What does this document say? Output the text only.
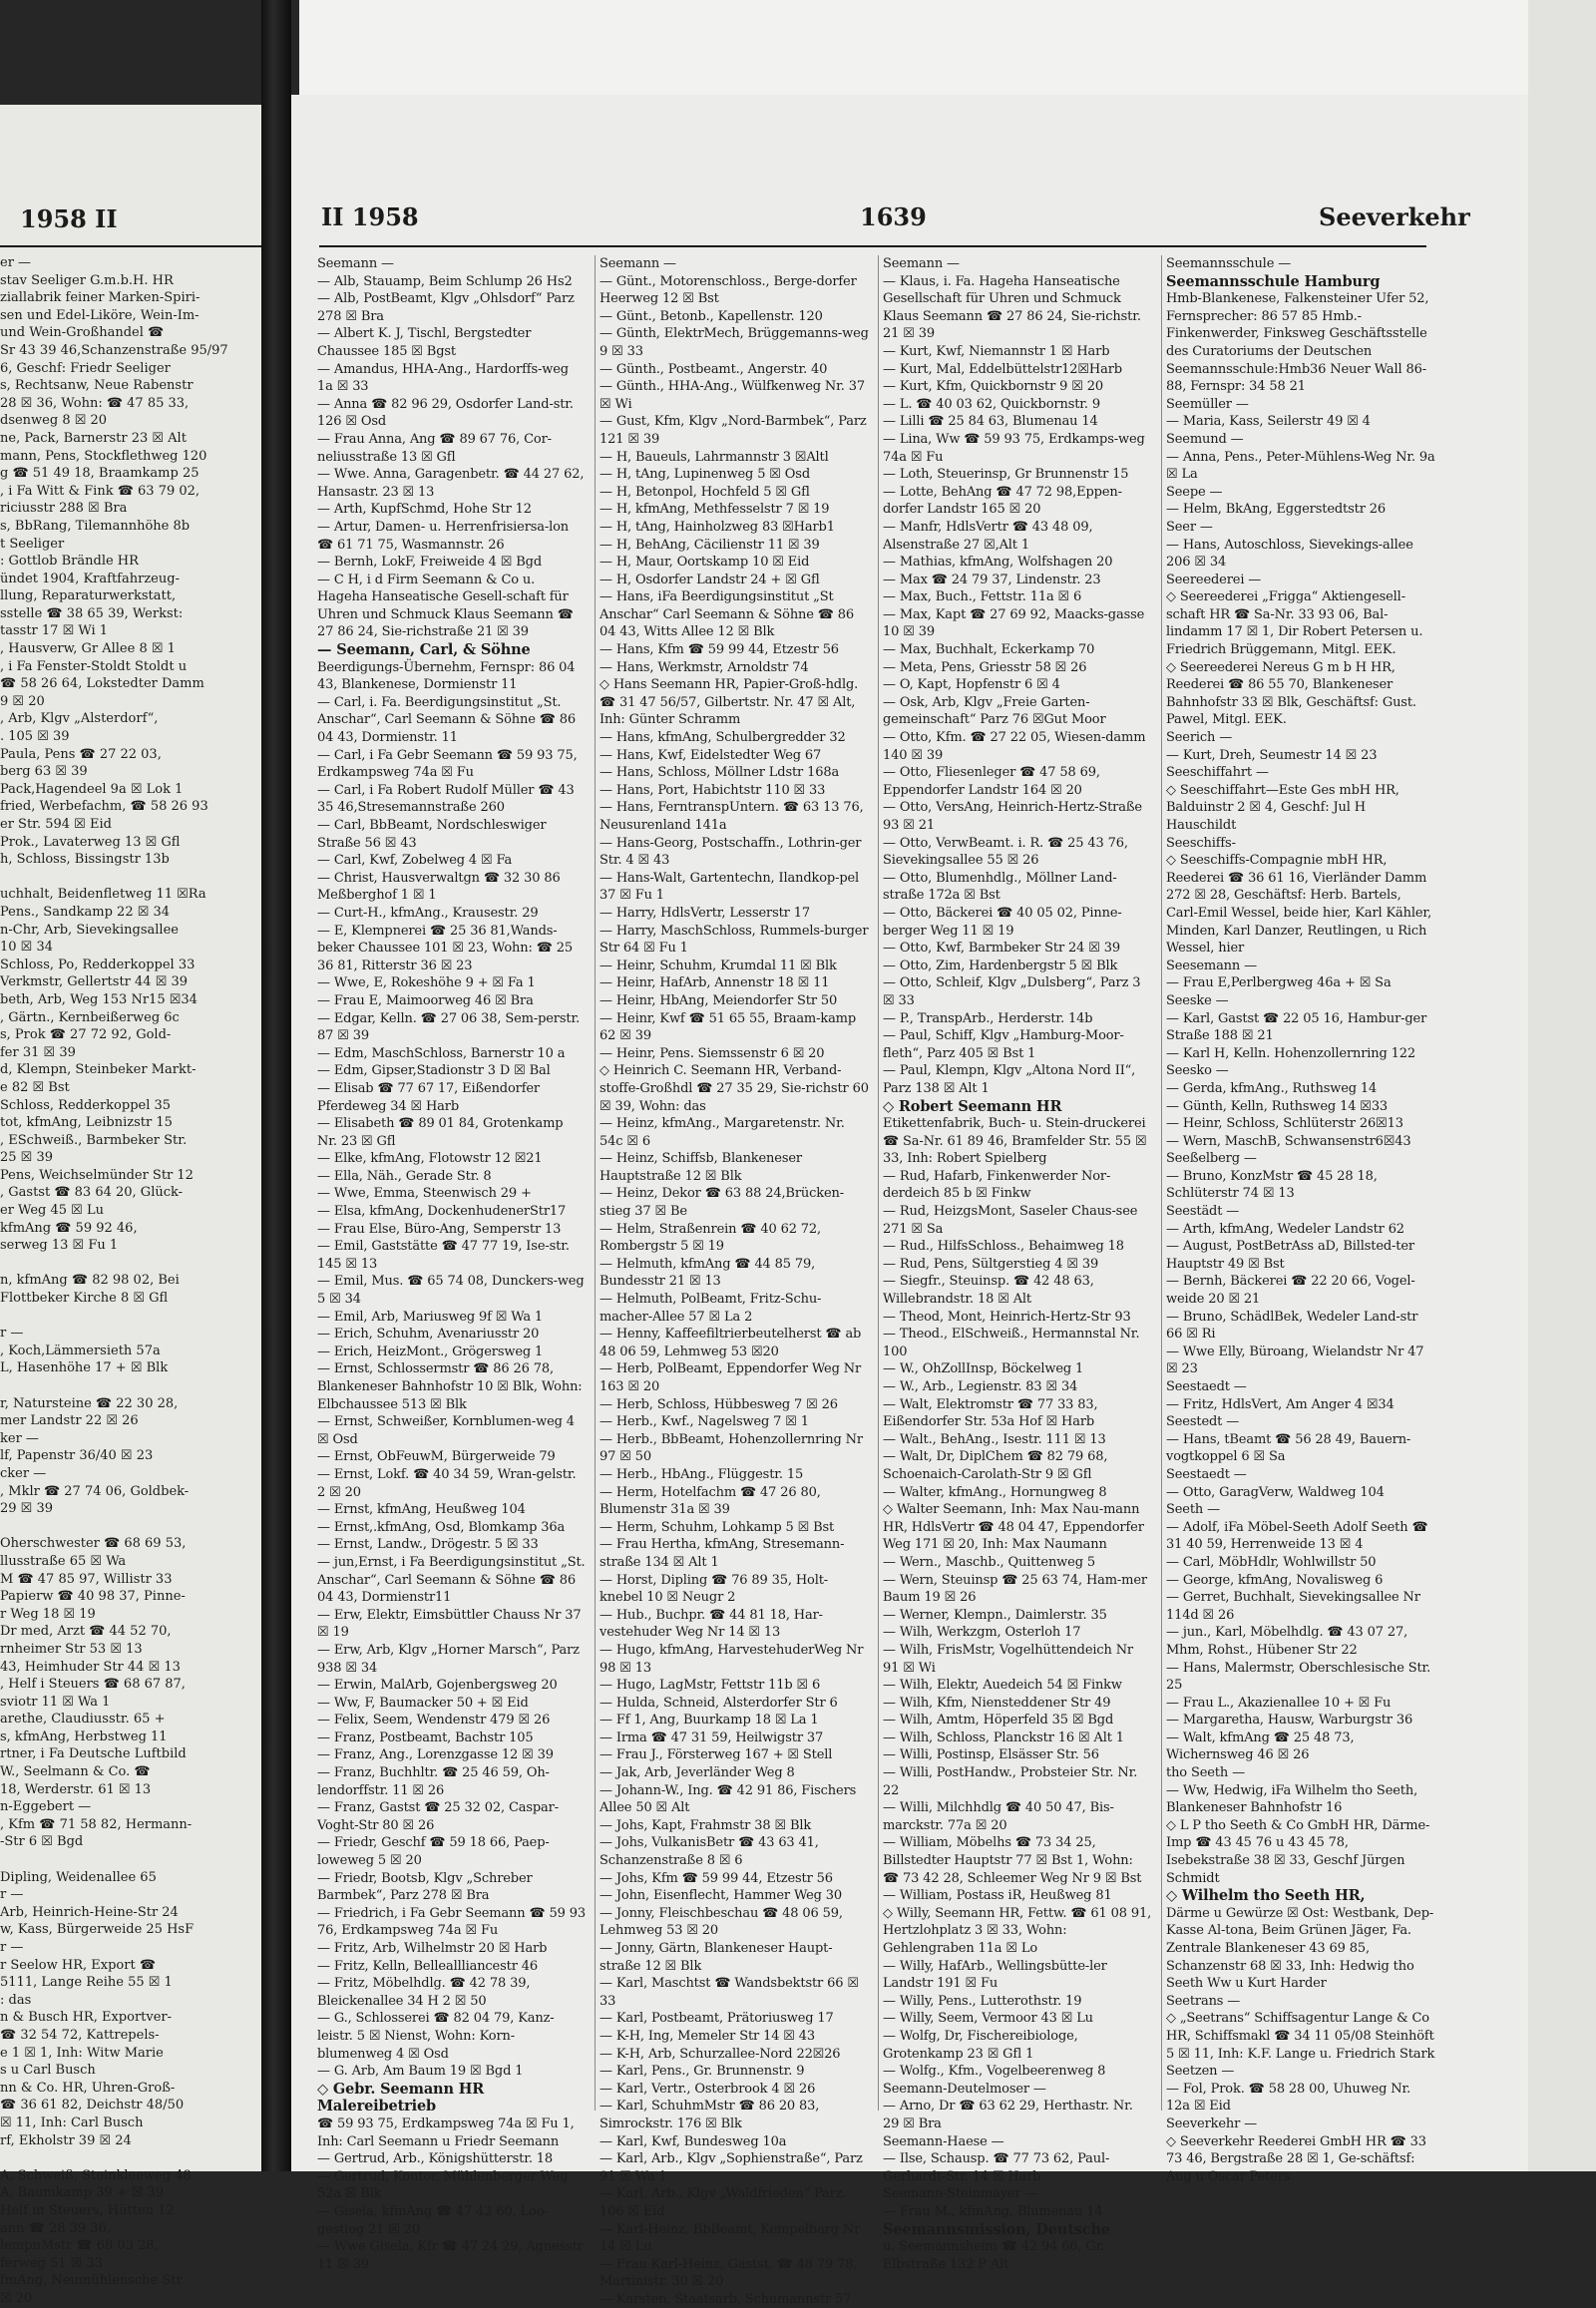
1958 II

er —

stav Seeliger G.m.b.H. HR

ziallabrik feiner Marken-Spiri-

sen und Edel-Liköre, Wein-Im-

und Wein-Großhandel ☎

Sr 43 39 46,Schanzenstraße 95/97

6, Geschf: Friedr Seeliger

s, Rechtsanw, Neue Rabenstr

28 ☒ 36, Wohn: ☎ 47 85 33,

dsenweg 8 ☒ 20

ne, Pack, Barnerstr 23 ☒ Alt

mann, Pens, Stockflethweg 120

g ☎ 51 49 18, Braamkamp 25

, i Fa Witt & Fink ☎ 63 79 02,

riciusstr 288 ☒ Bra

s, BbRang, Tilemannhöhe 8b

t Seeliger

: Gottlob Brändle HR

ündet 1904, Kraftfahrzeug-

llung, Reparaturwerkstatt,

sstelle ☎ 38 65 39, Werkst:

tasstr 17 ☒ Wi 1

, Hausverw, Gr Allee 8 ☒ 1

, i Fa Fenster-Stoldt Stoldt u

☎ 58 26 64, Lokstedter Damm

9 ☒ 20

, Arb, Klgv „Alsterdorf“,

. 105 ☒ 39

Paula, Pens ☎ 27 22 03,

berg 63 ☒ 39

Pack,Hagendeel 9a ☒ Lok 1

fried, Werbefachm, ☎ 58 26 93

er Str. 594 ☒ Eid

Prok., Lavaterweg 13 ☒ Gfl

h, Schloss, Bissingstr 13b

uchhalt, Beidenfletweg 11 ☒Ra

Pens., Sandkamp 22 ☒ 34

n-Chr, Arb, Sievekingsallee

10 ☒ 34

Schloss, Po, Redderkoppel 33

Verkmstr, Gellertstr 44 ☒ 39

beth, Arb, Weg 153 Nr15 ☒34

, Gärtn., Kernbeißerweg 6c

s, Prok ☎ 27 72 92, Gold-

fer 31 ☒ 39

d, Klempn, Steinbeker Markt-

e 82 ☒ Bst

Schloss, Redderkoppel 35

tot, kfmAng, Leibnizstr 15

, ESchweiß., Barmbeker Str.

25 ☒ 39

Pens, Weichselmünder Str 12

, Gastst ☎ 83 64 20, Glück-

er Weg 45 ☒ Lu

kfmAng ☎ 59 92 46,

serweg 13 ☒ Fu 1

n, kfmAng ☎ 82 98 02, Bei

Flottbeker Kirche 8 ☒ Gfl

r —

, Koch,Lämmersieth 57a

L, Hasenhöhe 17 + ☒ Blk

r, Natursteine ☎ 22 30 28,

mer Landstr 22 ☒ 26

ker —

lf, Papenstr 36/40 ☒ 23

cker —

, Mklr ☎ 27 74 06, Goldbek-

29 ☒ 39

Oherschwester ☎ 68 69 53,

llusstraße 65 ☒ Wa

M ☎ 47 85 97, Willistr 33

Papierw ☎ 40 98 37, Pinne-

r Weg 18 ☒ 19

Dr med, Arzt ☎ 44 52 70,

rnheimer Str 53 ☒ 13

43, Heimhuder Str 44 ☒ 13

, Helf i Steuers ☎ 68 67 87,

sviotr 11 ☒ Wa 1

arethe, Claudiusstr. 65 +

s, kfmAng, Herbstweg 11

rtner, i Fa Deutsche Luftbild

W., Seelmann & Co. ☎

18, Werderstr. 61 ☒ 13

n-Eggebert —

, Kfm ☎ 71 58 82, Hermann-

-Str 6 ☒ Bgd

Dipling, Weidenallee 65

r —

Arb, Heinrich-Heine-Str 24

w, Kass, Bürgerweide 25 HsF

r —

r Seelow HR, Export ☎

5111, Lange Reihe 55 ☒ 1

: das

n & Busch HR, Exportver-

☎ 32 54 72, Kattrepels-

e 1 ☒ 1, Inh: Witw Marie

s u Carl Busch

nn & Co. HR, Uhren-Groß-

☎ 36 61 82, Deichstr 48/50

☒ 11, Inh: Carl Busch

rf, Ekholstr 39 ☒ 24

A, Schweiß, Steinkleeweg 48

A, Baumkamp 39 + ☒ 39

Helf in Steuers, Hütten 12

ann ☎ 28 39 36,

lempnMstr ☎ 68 03 28,

ferweg 51 ☒ 33

fmAng, Neumühlensche Str

☒ 20

II 1958	1639	Seeverkehr

Seemann —

— Alb, Stauamp, Beim Schlump 26 Hs2

— Alb, PostBeamt, Klgv „Ohlsdorf“ Parz 278 ☒ Bra

— Albert K. J, Tischl, Bergstedter Chaussee 185 ☒ Bgst

— Amandus, HHA-Ang., Hardorffs-weg 1a ☒ 33

— Anna ☎ 82 96 29, Osdorfer Land-str. 126 ☒ Osd

— Frau Anna, Ang ☎ 89 67 76, Cor-neliusstraße 13 ☒ Gfl

— Wwe. Anna, Garagenbetr. ☎ 44 27 62, Hansastr. 23 ☒ 13

— Arth, KupfSchmd, Hohe Str 12

— Artur, Damen- u. Herrenfrisiersa-lon ☎ 61 71 75, Wasmannstr. 26

— Bernh, LokF, Freiweide 4 ☒ Bgd

— C H, i d Firm Seemann & Co u. Hageha Hanseatische Gesell-schaft für Uhren und Schmuck Klaus Seemann ☎ 27 86 24, Sie-richstraße 21 ☒ 39

— Seemann, Carl, & Söhne

Beerdigungs-Übernehm, Fernspr: 86 04 43, Blankenese, Dormienstr 11

— Carl, i. Fa. Beerdigungsinstitut „St. Anschar“, Carl Seemann & Söhne ☎ 86 04 43, Dormienstr. 11

— Carl, i Fa Gebr Seemann ☎ 59 93 75, Erdkampsweg 74a ☒ Fu

— Carl, i Fa Robert Rudolf Müller ☎ 43 35 46,Stresemannstraße 260

— Carl, BbBeamt, Nordschleswiger Straße 56 ☒ 43

— Carl, Kwf, Zobelweg 4 ☒ Fa

— Christ, Hausverwaltgn ☎ 32 30 86 Meßberghof 1 ☒ 1

— Curt-H., kfmAng., Krausestr. 29

— E, Klempnerei ☎ 25 36 81,Wands-beker Chaussee 101 ☒ 23, Wohn: ☎ 25 36 81, Ritterstr 36 ☒ 23

— Wwe, E, Rokeshöhe 9 + ☒ Fa 1

— Frau E, Maimoorweg 46 ☒ Bra

— Edgar, Kelln. ☎ 27 06 38, Sem-perstr. 87 ☒ 39

— Edm, MaschSchloss, Barnerstr 10 a

— Edm, Gipser,Stadionstr 3 D ☒ Bal

— Elisab ☎ 77 67 17, Eißendorfer Pferdeweg 34 ☒ Harb

— Elisabeth ☎ 89 01 84, Grotenkamp Nr. 23 ☒ Gfl

— Elke, kfmAng, Flotowstr 12 ☒21

— Ella, Näh., Gerade Str. 8

— Wwe, Emma, Steenwisch 29 +

— Elsa, kfmAng, DockenhudenerStr17

— Frau Else, Büro-Ang, Semperstr 13

— Emil, Gaststätte ☎ 47 77 19, Ise-str. 145 ☒ 13

— Emil, Mus. ☎ 65 74 08, Dunckers-weg 5 ☒ 34

— Emil, Arb, Mariusweg 9f ☒ Wa 1

— Erich, Schuhm, Avenariusstr 20

— Erich, HeizMont., Grögersweg 1

— Ernst, Schlossermstr ☎ 86 26 78, Blankeneser Bahnhofstr 10 ☒ Blk, Wohn: Elbchaussee 513 ☒ Blk

— Ernst, Schweißer, Kornblumen-weg 4 ☒ Osd

— Ernst, ObFeuwM, Bürgerweide 79

— Ernst, Lokf. ☎ 40 34 59, Wran-gelstr. 2 ☒ 20

— Ernst, kfmAng, Heußweg 104

— Ernst,.kfmAng, Osd, Blomkamp 36a

— Ernst, Landw., Drögestr. 5 ☒ 33

— jun,Ernst, i Fa Beerdigungsinstitut „St. Anschar“, Carl Seemann & Söhne ☎ 86 04 43, Dormienstr11

— Erw, Elektr, Eimsbüttler Chauss Nr 37 ☒ 19

— Erw, Arb, Klgv „Horner Marsch“, Parz 938 ☒ 34

— Erwin, MalArb, Gojenbergsweg 20

— Ww, F, Baumacker 50 + ☒ Eid

— Felix, Seem, Wendenstr 479 ☒ 26

— Franz, Postbeamt, Bachstr 105

— Franz, Ang., Lorenzgasse 12 ☒ 39

— Franz, Buchhltr. ☎ 25 46 59, Oh-lendorffstr. 11 ☒ 26

— Franz, Gastst ☎ 25 32 02, Caspar-Voght-Str 80 ☒ 26

— Friedr, Geschf ☎ 59 18 66, Paep-loweweg 5 ☒ 20

— Friedr, Bootsb, Klgv „Schreber Barmbek“, Parz 278 ☒ Bra

— Friedrich, i Fa Gebr Seemann ☎ 59 93 76, Erdkampsweg 74a ☒ Fu

— Fritz, Arb, Wilhelmstr 20 ☒ Harb

— Fritz, Kelln, Belleallliancestr 46

— Fritz, Möbelhdlg. ☎ 42 78 39, Bleickenallee 34 H 2 ☒ 50

— G., Schlosserei ☎ 82 04 79, Kanz-leistr. 5 ☒ Nienst, Wohn: Korn-blumenweg 4 ☒ Osd

— G. Arb, Am Baum 19 ☒ Bgd 1

◇ Gebr. Seemann HR Malereibetrieb

☎ 59 93 75, Erdkampsweg 74a ☒ Fu 1, Inh: Carl Seemann u Friedr Seemann

— Gertrud, Arb., Königshütterstr. 18

— Gertrud, Kontor, Mühlenberger Weg 52a ☒ Blk

— Gisela, kfmAng ☎ 47 42 60, Loo-gestieg 21 ☒ 20

— Wwe Gisela, Kfr ☎ 47 24 29, Agnesstr 11 ☒ 39

Seemann —

— Günt., Motorenschloss., Berge-dorfer Heerweg 12 ☒ Bst

— Günt., Betonb., Kapellenstr. 120

— Günth, ElektrMech, Brüggemanns-weg 9 ☒ 33

— Günth., Postbeamt., Angerstr. 40

— Günth., HHA-Ang., Wülfkenweg Nr. 37 ☒ Wi

— Gust, Kfm, Klgv „Nord-Barmbek“, Parz 121 ☒ 39

— H, Baueuls, Lahrmannstr 3 ☒Altl

— H, tAng, Lupinenweg 5 ☒ Osd

— H, Betonpol, Hochfeld 5 ☒ Gfl

— H, kfmAng, Methfesselstr 7 ☒ 19

— H, tAng, Hainholzweg 83 ☒Harb1

— H, BehAng, Cäcilienstr 11 ☒ 39

— H, Maur, Oortskamp 10 ☒ Eid

— H, Osdorfer Landstr 24 + ☒ Gfl

— Hans, iFa Beerdigungsinstitut „St Anschar“ Carl Seemann & Söhne ☎ 86 04 43, Witts Allee 12 ☒ Blk

— Hans, Kfm ☎ 59 99 44, Etzestr 56

— Hans, Werkmstr, Arnoldstr 74

◇ Hans Seemann HR, Papier-Groß-hdlg. ☎ 31 47 56/57, Gilbertstr. Nr. 47 ☒ Alt, Inh: Günter Schramm

— Hans, kfmAng, Schulbergredder 32

— Hans, Kwf, Eidelstedter Weg 67

— Hans, Schloss, Möllner Ldstr 168a

— Hans, Port, Habichtstr 110 ☒ 33

— Hans, FerntranspUntern. ☎ 63 13 76, Neusurenland 141a

— Hans-Georg, Postschaffn., Lothrin-ger Str. 4 ☒ 43

— Hans-Walt, Gartentechn, Ilandkop-pel 37 ☒ Fu 1

— Harry, HdlsVertr, Lesserstr 17

— Harry, MaschSchloss, Rummels-burger Str 64 ☒ Fu 1

— Heinr, Schuhm, Krumdal 11 ☒ Blk

— Heinr, HafArb, Annenstr 18 ☒ 11

— Heinr, HbAng, Meiendorfer Str 50

— Heinr, Kwf ☎ 51 65 55, Braam-kamp 62 ☒ 39

— Heinr, Pens. Siemssenstr 6 ☒ 20

◇ Heinrich C. Seemann HR, Verband-stoffe-Großhdl ☎ 27 35 29, Sie-richstr 60 ☒ 39, Wohn: das

— Heinz, kfmAng., Margaretenstr. Nr. 54c ☒ 6

— Heinz, Schiffsb, Blankeneser Hauptstraße 12 ☒ Blk

— Heinz, Dekor ☎ 63 88 24,Brücken-stieg 37 ☒ Be

— Helm, Straßenrein ☎ 40 62 72, Rombergstr 5 ☒ 19

— Helmuth, kfmAng ☎ 44 85 79, Bundesstr 21 ☒ 13

— Helmuth, PolBeamt, Fritz-Schu-macher-Allee 57 ☒ La 2

— Henny, Kaffeefiltrierbeutelherst ☎ ab 48 06 59, Lehmweg 53 ☒20

— Herb, PolBeamt, Eppendorfer Weg Nr 163 ☒ 20

— Herb, Schloss, Hübbesweg 7 ☒ 26

— Herb., Kwf., Nagelsweg 7 ☒ 1

— Herb., BbBeamt, Hohenzollernring Nr 97 ☒ 50

— Herb., HbAng., Flüggestr. 15

— Herm, Hotelfachm ☎ 47 26 80, Blumenstr 31a ☒ 39

— Herm, Schuhm, Lohkamp 5 ☒ Bst

— Frau Hertha, kfmAng, Stresemann-straße 134 ☒ Alt 1

— Horst, Dipling ☎ 76 89 35, Holt-knebel 10 ☒ Neugr 2

— Hub., Buchpr. ☎ 44 81 18, Har-vestehuder Weg Nr 14 ☒ 13

— Hugo, kfmAng, HarvestehuderWeg Nr 98 ☒ 13

— Hugo, LagMstr, Fettstr 11b ☒ 6

— Hulda, Schneid, Alsterdorfer Str 6

— Ff 1, Ang, Buurkamp 18 ☒ La 1

— Irma ☎ 47 31 59, Heilwigstr 37

— Frau J., Försterweg 167 + ☒ Stell

— Jak, Arb, Jeverländer Weg 8

— Johann-W., Ing. ☎ 42 91 86, Fischers Allee 50 ☒ Alt

— Johs, Kapt, Frahmstr 38 ☒ Blk

— Johs, VulkanisBetr ☎ 43 63 41, Schanzenstraße 8 ☒ 6

— Johs, Kfm ☎ 59 99 44, Etzestr 56

— John, Eisenflecht, Hammer Weg 30

— Jonny, Fleischbeschau ☎ 48 06 59, Lehmweg 53 ☒ 20

— Jonny, Gärtn, Blankeneser Haupt-straße 12 ☒ Blk

— Karl, Maschtst ☎ Wandsbektstr 66 ☒ 33

— Karl, Postbeamt, Prätoriusweg 17

— K-H, Ing, Memeler Str 14 ☒ 43

— K-H, Arb, Schurzallee-Nord 22☒26

— Karl, Pens., Gr. Brunnenstr. 9

— Karl, Vertr., Osterbrook 4 ☒ 26

— Karl, SchuhmMstr ☎ 86 20 83, Simrockstr. 176 ☒ Blk

— Karl, Kwf, Bundesweg 10a

— Karl, Arb., Klgv „Sophienstraße“, Parz 91 ☒ Wa 1

— Karl, Arb., Klgv „Waldfrieden“ Parz. 106 ☒ Eid

— Karl-Heinz, BbBeamt, Kempelbarg Nr 14 ☒ Lu

— Frau Karl-Heinz, Gastst. ☎ 48 79 78, Martinistr. 30 ☒ 20

— Karsten, Staatsarb, Schumannstr 57

Seemann —

— Klaus, i. Fa. Hageha Hanseatische Gesellschaft für Uhren und Schmuck Klaus Seemann ☎ 27 86 24, Sie-richstr. 21 ☒ 39

— Kurt, Kwf, Niemannstr 1 ☒ Harb

— Kurt, Mal, Eddelbüttelstr12☒Harb

— Kurt, Kfm, Quickbornstr 9 ☒ 20

— L. ☎ 40 03 62, Quickbornstr. 9

— Lilli ☎ 25 84 63, Blumenau 14

— Lina, Ww ☎ 59 93 75, Erdkamps-weg 74a ☒ Fu

— Loth, Steuerinsp, Gr Brunnenstr 15

— Lotte, BehAng ☎ 47 72 98,Eppen-dorfer Landstr 165 ☒ 20

— Manfr, HdlsVertr ☎ 43 48 09, Alsenstraße 27 ☒,Alt 1

— Mathias, kfmAng, Wolfshagen 20

— Max ☎ 24 79 37, Lindenstr. 23

— Max, Buch., Fettstr. 11a ☒ 6

— Max, Kapt ☎ 27 69 92, Maacks-gasse 10 ☒ 39

— Max, Buchhalt, Eckerkamp 70

— Meta, Pens, Griesstr 58 ☒ 26

— O, Kapt, Hopfenstr 6 ☒ 4

— Osk, Arb, Klgv „Freie Garten-gemeinschaft“ Parz 76 ☒Gut Moor

— Otto, Kfm. ☎ 27 22 05, Wiesen-damm 140 ☒ 39

— Otto, Fliesenleger ☎ 47 58 69, Eppendorfer Landstr 164 ☒ 20

— Otto, VersAng, Heinrich-Hertz-Straße 93 ☒ 21

— Otto, VerwBeamt. i. R. ☎ 25 43 76, Sievekingsallee 55 ☒ 26

— Otto, Blumenhdlg., Möllner Land-straße 172a ☒ Bst

— Otto, Bäckerei ☎ 40 05 02, Pinne-berger Weg 11 ☒ 19

— Otto, Kwf, Barmbeker Str 24 ☒ 39

— Otto, Zim, Hardenbergstr 5 ☒ Blk

— Otto, Schleif, Klgv „Dulsberg“, Parz 3 ☒ 33

— P., TranspArb., Herderstr. 14b

— Paul, Schiff, Klgv „Hamburg-Moor-fleth“, Parz 405 ☒ Bst 1

— Paul, Klempn, Klgv „Altona Nord II“, Parz 138 ☒ Alt 1

◇ Robert Seemann HR

Etikettenfabrik, Buch- u. Stein-druckerei ☎ Sa-Nr. 61 89 46, Bramfelder Str. 55 ☒ 33, Inh: Robert Spielberg

— Rud, Hafarb, Finkenwerder Nor-derdeich 85 b ☒ Finkw

— Rud, HeizgsMont, Saseler Chaus-see 271 ☒ Sa

— Rud., HilfsSchloss., Behaimweg 18

— Rud, Pens, Sültgerstieg 4 ☒ 39

— Siegfr., Steuinsp. ☎ 42 48 63, Willebrandstr. 18 ☒ Alt

— Theod, Mont, Heinrich-Hertz-Str 93

— Theod., ElSchweiß., Hermannstal Nr. 100

— W., OhZollInsp, Böckelweg 1

— W., Arb., Legienstr. 83 ☒ 34

— Walt, Elektromstr ☎ 77 33 83, Eißendorfer Str. 53a Hof ☒ Harb

— Walt., BehAng., Isestr. 111 ☒ 13

— Walt, Dr, DiplChem ☎ 82 79 68, Schoenaich-Carolath-Str 9 ☒ Gfl

— Walter, kfmAng., Hornungweg 8

◇ Walter Seemann, Inh: Max Nau-mann HR, HdlsVertr ☎ 48 04 47, Eppendorfer Weg 171 ☒ 20, Inh: Max Naumann

— Wern., Maschb., Quittenweg 5

— Wern, Steuinsp ☎ 25 63 74, Ham-mer Baum 19 ☒ 26

— Werner, Klempn., Daimlerstr. 35

— Wilh, Werkzgm, Osterloh 17

— Wilh, FrisMstr, Vogelhüttendeich Nr 91 ☒ Wi

— Wilh, Elektr, Auedeich 54 ☒ Finkw

— Wilh, Kfm, Niensteddener Str 49

— Wilh, Amtm, Höperfeld 35 ☒ Bgd

— Wilh, Schloss, Planckstr 16 ☒ Alt 1

— Willi, Postinsp, Elsässer Str. 56

— Willi, PostHandw., Probsteier Str. Nr. 22

— Willi, Milchhdlg ☎ 40 50 47, Bis-marckstr. 77a ☒ 20

— William, Möbelhs ☎ 73 34 25, Billstedter Hauptstr 77 ☒ Bst 1, Wohn: ☎ 73 42 28, Schleemer Weg Nr 9 ☒ Bst

— William, Postass iR, Heußweg 81

◇ Willy, Seemann HR, Fettw. ☎ 61 08 91, Hertzlohplatz 3 ☒ 33, Wohn: Gehlengraben 11a ☒ Lo

— Willy, HafArb., Wellingsbütte-ler Landstr 191 ☒ Fu

— Willy, Pens., Lutterothstr. 19

— Willy, Seem, Vermoor 43 ☒ Lu

— Wolfg, Dr, Fischereibiologe, Grotenkamp 23 ☒ Gfl 1

— Wolfg., Kfm., Vogelbeerenweg 8

Seemann-Deutelmoser —

— Arno, Dr ☎ 63 62 29, Herthastr. Nr. 29 ☒ Bra

Seemann-Haese —

— Ilse, Schausp. ☎ 77 73 62, Paul-Gerhardt-Str. 14 ☒ Harb

Seemann-Steinmayer —

— Frau M., kfmAng, Blumenau 14

Seemannsmission, Deutsche

u. Seemannsheim ☎ 42 94 66, Gr. Elbstraße 132 P Alt

Seemannsschule —

Seemannsschule Hamburg

Hmb-Blankenese, Falkensteiner Ufer 52, Fernsprecher: 86 57 85 Hmb.-Finkenwerder, Finksweg Geschäftsstelle des Curatoriums der Deutschen Seemannsschule:Hmb36 Neuer Wall 86-88, Fernspr: 34 58 21

Seemüller —

— Maria, Kass, Seilerstr 49 ☒ 4

Seemund —

— Anna, Pens., Peter-Mühlens-Weg Nr. 9a ☒ La

Seepe —

— Helm, BkAng, Eggerstedtstr 26

Seer —

— Hans, Autoschloss, Sievekings-allee 206 ☒ 34

Seereederei —

◇ Seereederei „Frigga“ Aktiengesell-schaft HR ☎ Sa-Nr. 33 93 06, Bal-lindamm 17 ☒ 1, Dir Robert Petersen u. Friedrich Brüggemann, Mitgl. EEK.

◇ Seereederei Nereus G m b H HR, Reederei ☎ 86 55 70, Blankeneser Bahnhofstr 33 ☒ Blk, Geschäftsf: Gust. Pawel, Mitgl. EEK.

Seerich —

— Kurt, Dreh, Seumestr 14 ☒ 23

Seeschiffahrt —

◇ Seeschiffahrt—Este Ges mbH HR, Balduinstr 2 ☒ 4, Geschf: Jul H Hauschildt

Seeschiffs-

◇ Seeschiffs-Compagnie mbH HR, Reederei ☎ 36 61 16, Vierländer Damm 272 ☒ 28, Geschäftsf: Herb. Bartels, Carl-Emil Wessel, beide hier, Karl Kähler, Minden, Karl Danzer, Reutlingen, u Rich Wessel, hier

Seesemann —

— Frau E,Perlbergweg 46a + ☒ Sa

Seeske —

— Karl, Gastst ☎ 22 05 16, Hambur-ger Straße 188 ☒ 21

— Karl H, Kelln. Hohenzollernring 122

Seesko —

— Gerda, kfmAng., Ruthsweg 14

— Günth, Kelln, Ruthsweg 14 ☒33

— Heinr, Schloss, Schlüterstr 26☒13

— Wern, MaschB, Schwansenstr6☒43

Seeßelberg —

— Bruno, KonzMstr ☎ 45 28 18, Schlüterstr 74 ☒ 13

Seestädt —

— Arth, kfmAng, Wedeler Landstr 62

— August, PostBetrAss aD, Billsted-ter Hauptstr 49 ☒ Bst

— Bernh, Bäckerei ☎ 22 20 66, Vogel-weide 20 ☒ 21

— Bruno, SchädlBek, Wedeler Land-str 66 ☒ Ri

— Wwe Elly, Büroang, Wielandstr Nr 47 ☒ 23

Seestaedt —

— Fritz, HdlsVert, Am Anger 4 ☒34

Seestedt —

— Hans, tBeamt ☎ 56 28 49, Bauern-vogtkoppel 6 ☒ Sa

Seestaedt —

— Otto, GaragVerw, Waldweg 104

Seeth —

— Adolf, iFa Möbel-Seeth Adolf Seeth ☎ 31 40 59, Herrenweide 13 ☒ 4

— Carl, MöbHdlr, Wohlwillstr 50

— George, kfmAng, Novalisweg 6

— Gerret, Buchhalt, Sievekingsallee Nr 114d ☒ 26

— jun., Karl, Möbelhdlg. ☎ 43 07 27, Mhm, Rohst., Hübener Str 22

— Hans, Malermstr, Oberschlesische Str. 25

— Frau L., Akazienallee 10 + ☒ Fu

— Margaretha, Hausw, Warburgstr 36

— Walt, kfmAng ☎ 25 48 73, Wichernsweg 46 ☒ 26

tho Seeth —

— Ww, Hedwig, iFa Wilhelm tho Seeth, Blankeneser Bahnhofstr 16

◇ L P tho Seeth & Co GmbH HR, Därme-Imp ☎ 43 45 76 u 43 45 78, Isebekstraße 38 ☒ 33, Geschf Jürgen Schmidt

◇ Wilhelm tho Seeth HR,

Därme u Gewürze ☒ Ost: Westbank, Dep-Kasse Al-tona, Beim Grünen Jäger, Fa. Zentrale Blankeneser 43 69 85, Schanzenstr 68 ☒ 33, Inh: Hedwig tho Seeth Ww u Kurt Harder

Seetrans —

◇ „Seetrans“ Schiffsagentur Lange & Co HR, Schiffsmakl ☎ 34 11 05/08 Steinhöft 5 ☒ 11, Inh: K.F. Lange u. Friedrich Stark

Seetzen —

— Fol, Prok. ☎ 58 28 00, Uhuweg Nr. 12a ☒ Eid

Seeverkehr —

◇ Seeverkehr Reederei GmbH HR ☎ 33 73 46, Bergstraße 28 ☒ 1, Ge-schäftsf: Aug u Oscar Peters
